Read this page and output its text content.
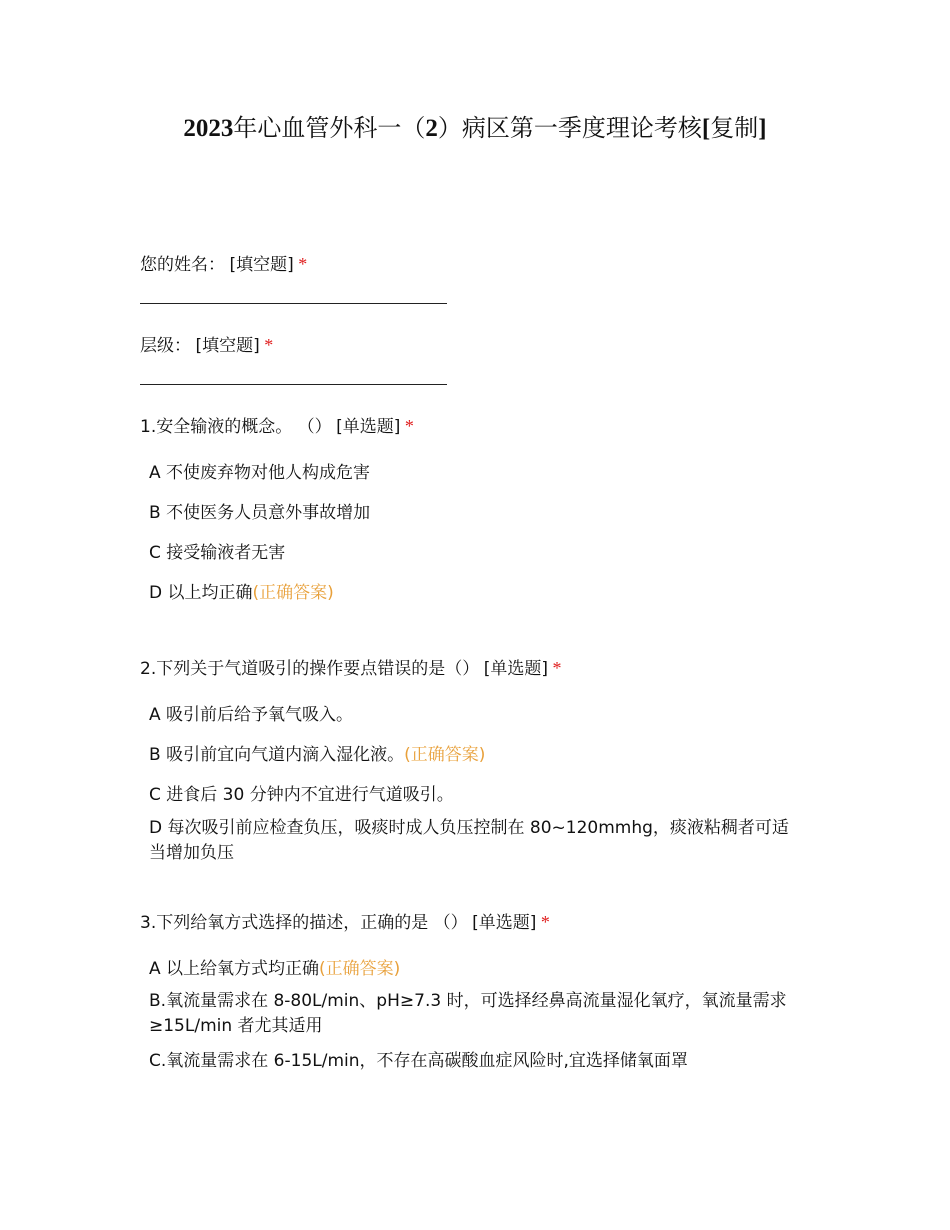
2023年心血管外科一（2）病区第一季度理论考核[复制]
您的姓名： [填空题] *
层级： [填空题] *
1.安全输液的概念。 （） [单选题] *
A 不使废弃物对他人构成危害
B 不使医务人员意外事故增加
C 接受输液者无害
D 以上均正确(正确答案)
2.下列关于气道吸引的操作要点错误的是（） [单选题] *
A 吸引前后给予氧气吸入。
B 吸引前宜向气道内滴入湿化液。(正确答案)
C 进食后 30 分钟内不宜进行气道吸引。
D 每次吸引前应检查负压，吸痰时成人负压控制在 80~120mmhg，痰液粘稠者可适当增加负压
3.下列给氧方式选择的描述，正确的是 （） [单选题] *
A 以上给氧方式均正确(正确答案)
B.氧流量需求在 8-80L/min、pH≥7.3 时，可选择经鼻高流量湿化氧疗，氧流量需求≥15L/min 者尤其适用
C.氧流量需求在 6-15L/min，不存在高碳酸血症风险时,宜选择储氧面罩
